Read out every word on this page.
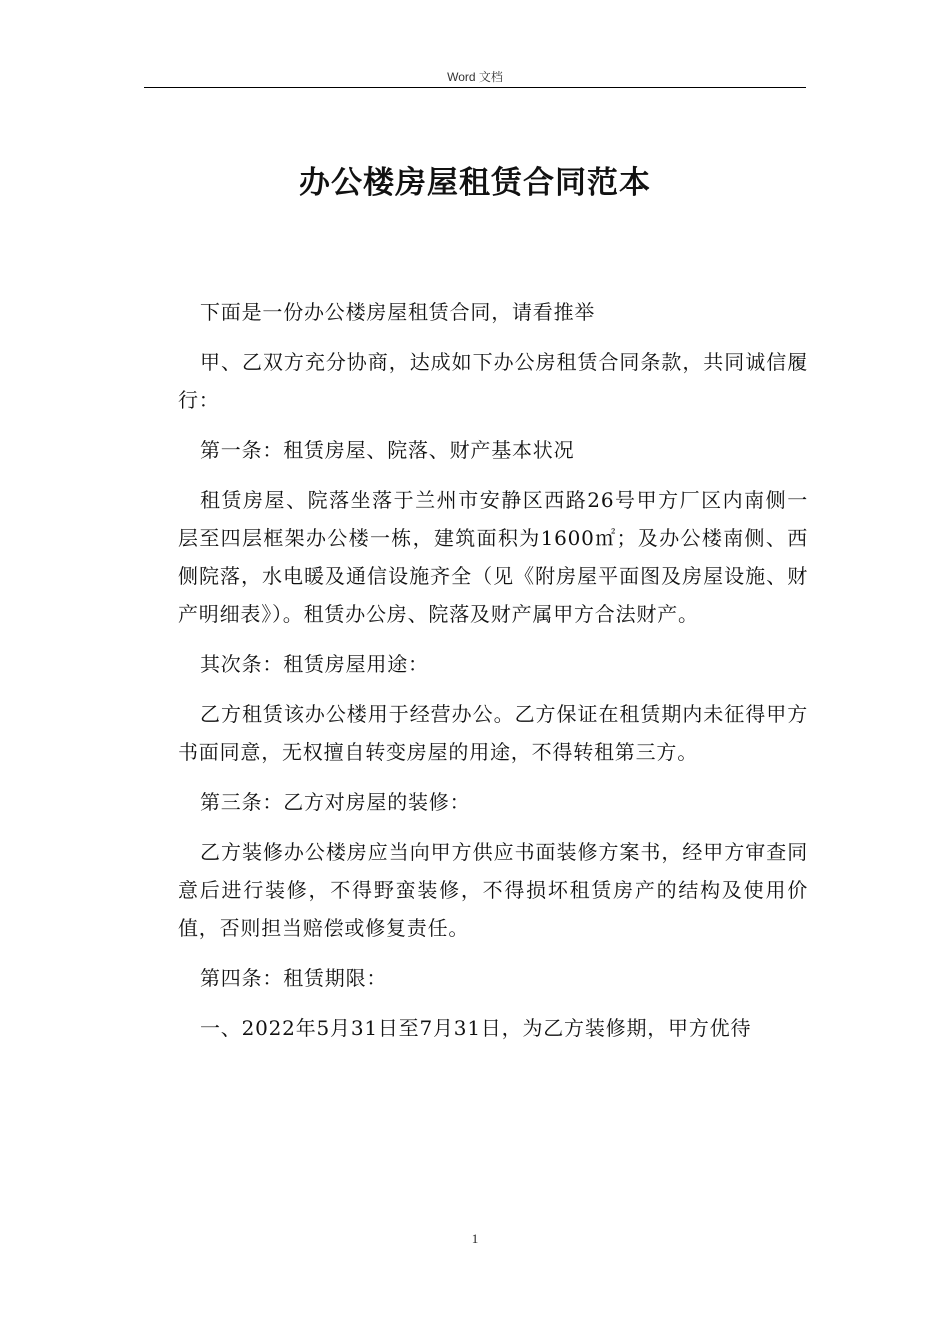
Word 文档
办公楼房屋租赁合同范本

下面是一份办公楼房屋租赁合同，请看推举

甲、乙双方充分协商，达成如下办公房租赁合同条款，共同诚信履行：

第一条：租赁房屋、院落、财产基本状况

租赁房屋、院落坐落于兰州市安静区西路26号甲方厂区内南侧一层至四层框架办公楼一栋，建筑面积为1600㎡；及办公楼南侧、西侧院落，水电暖及通信设施齐全（见《附房屋平面图及房屋设施、财产明细表》）。租赁办公房、院落及财产属甲方合法财产。

其次条：租赁房屋用途：

乙方租赁该办公楼用于经营办公。乙方保证在租赁期内未征得甲方书面同意，无权擅自转变房屋的用途，不得转租第三方。

第三条：乙方对房屋的装修：

乙方装修办公楼房应当向甲方供应书面装修方案书，经甲方审查同意后进行装修，不得野蛮装修，不得损坏租赁房产的结构及使用价值，否则担当赔偿或修复责任。

第四条：租赁期限：

一、2022年5月31日至7月31日，为乙方装修期，甲方优待

1
